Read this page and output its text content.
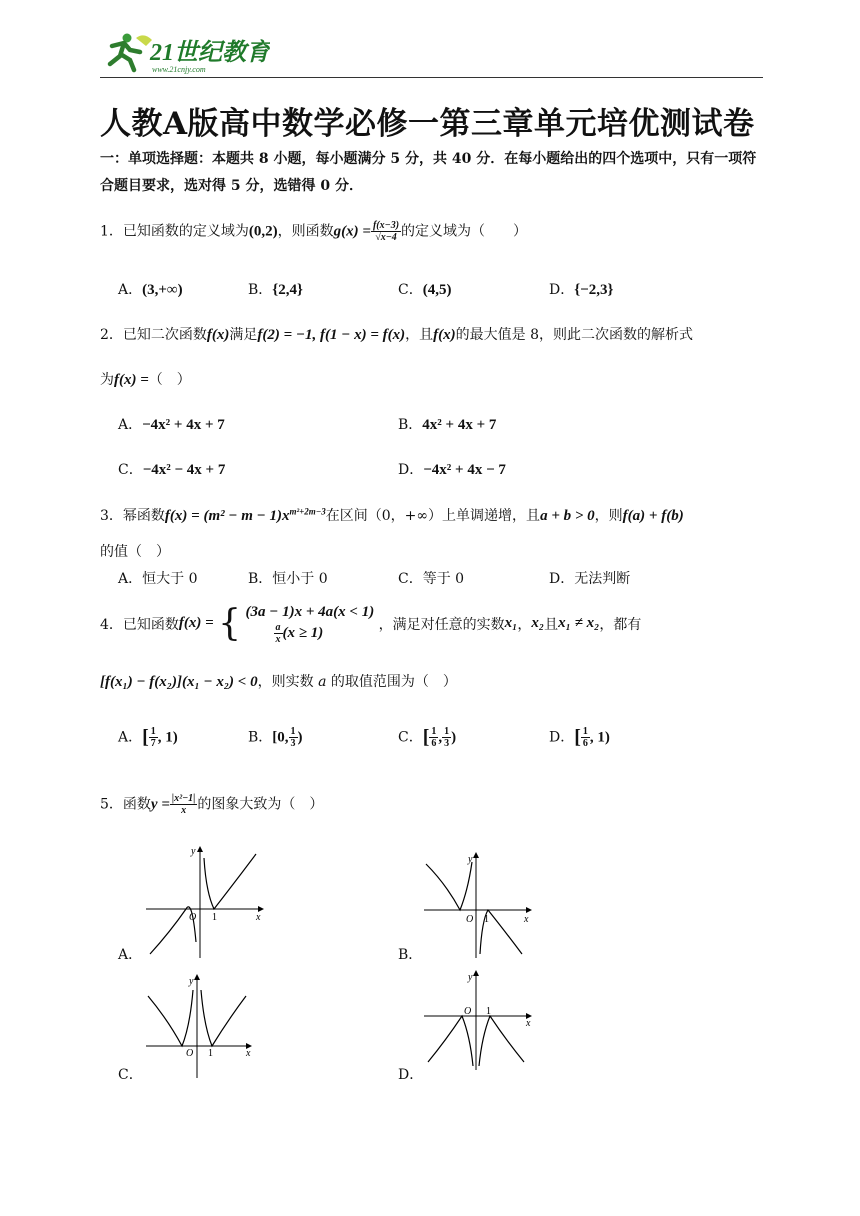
21世纪教育
www.21cnjy.com
人教A版高中数学必修一第三章单元培优测试卷
一：单项选择题：本题共 8 小题，每小题满分 5 分，共 40 分．在每小题给出的四个选项中，只有一项符合题目要求，选对得 5 分，选错得 0 分．
1．已知函数的定义域为(0,2)，则函数$g(x) = \frac{f(x-3)}{√x-4}$ 的定义域为（　　）
A．(3,+∞)	B．{2,4}	C．(4,5)	D．{−2,3}
2．已知二次函数f(x)满足f(2) = −1, f(1 − x) = f(x)，且f(x)的最大值是 8，则此二次函数的解析式
为f(x) =（　）
A．−4x² + 4x + 7	B．4x² + 4x + 7
C．−4x² − 4x + 7	D．−4x² + 4x − 7
3．幂函数$f(x) = (m^2 - m - 1)x^{m^2+2m-3}$在区间（0，+∞）上单调递增，且a + b > 0，则f(a) + f(b)
的值（　）
A．恒大于 0	B．恒小于 0	C．等于 0	D．无法判断
4．已知函数f(x) = { (3a − 1)x + 4a(x < 1)
$\frac{a}{x} (x \ge 1)$
，满足对任意的实数x₁，x₂且x₁ ≠ x₂，都有
[f(x₁) − f(x₂)](x₁ − x₂) < 0，则实数 a 的取值范围为（　）
A．[ $\frac{1}{7}$ , 1)	B．[0, $\frac{1}{3}$ )	C．[ $\frac{1}{6}$ , $\frac{1}{3}$ )	D．[ $\frac{1}{6}$ , 1)
5．函数$y = \frac{\text{|x²−1|}}{x}$ 的图象大致为（　）
y
x
O 1
A．
y
x
O 1
B．
y
x
O 1
C．
y
x
O 1
D．
